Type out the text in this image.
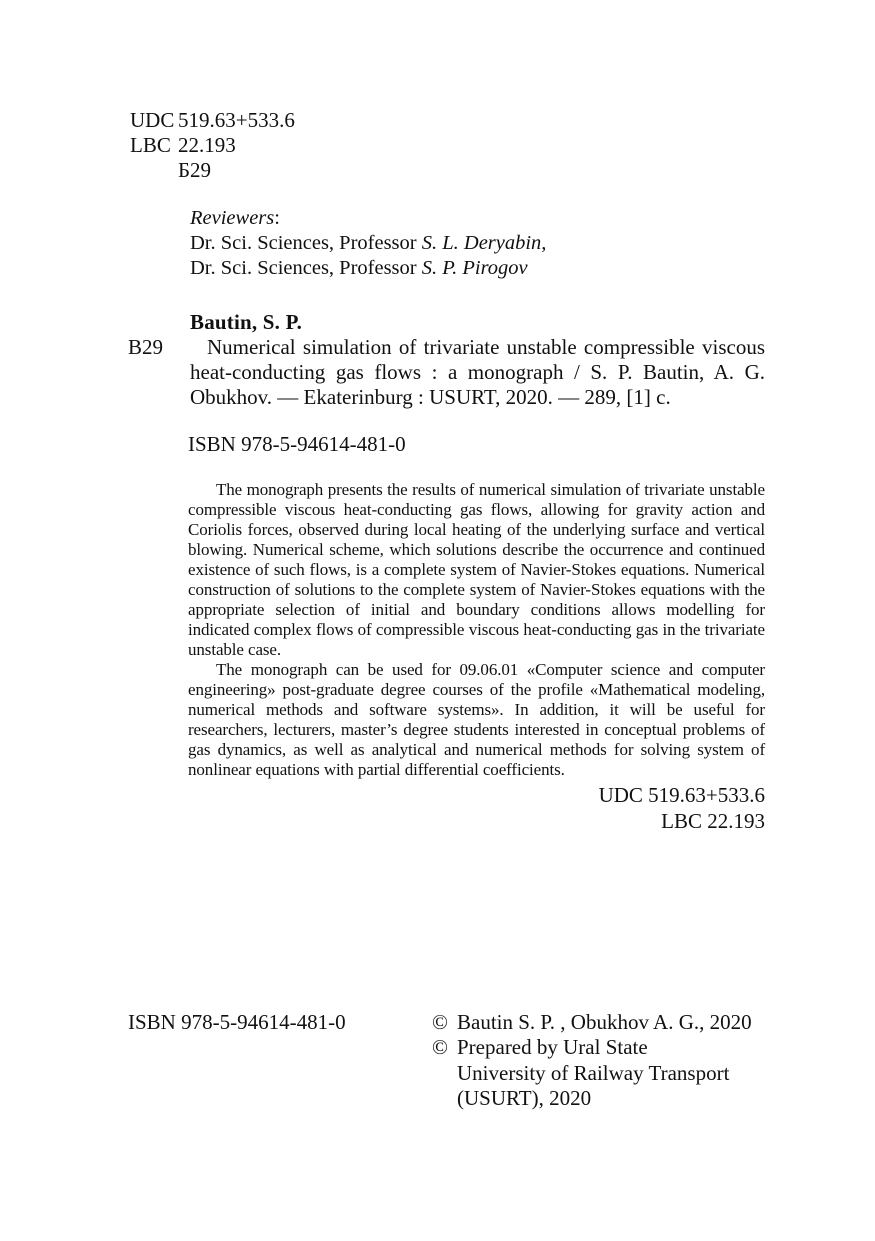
UDC 519.63+533.6
LBC 22.193
Б29
Reviewers:
Dr. Sci. Sciences, Professor S. L. Deryabin,
Dr. Sci. Sciences, Professor S. P. Pirogov
Bautin, S. P.
B29	Numerical simulation of trivariate unstable compressible viscous heat-conducting gas flows : a monograph / S. P. Bautin, A. G. Obukhov. — Ekaterinburg : USURT, 2020. — 289, [1] c.

ISBN 978-5-94614-481-0

The monograph presents the results of numerical simulation of trivariate unstable compressible viscous heat-conducting gas flows, allowing for gravity action and Coriolis forces, observed during local heating of the underlying surface and vertical blowing. Numerical scheme, which solutions describe the occurrence and continued existence of such flows, is a complete system of Navier-Stokes equations. Numerical construction of solutions to the complete system of Navier-Stokes equations with the appropriate selection of initial and boundary conditions allows modelling for indicated complex flows of compressible viscous heat-conducting gas in the trivariate unstable case.

The monograph can be used for 09.06.01 «Computer science and computer engineering» post-graduate degree courses of the profile «Mathematical modeling, numerical methods and software systems». In addition, it will be useful for researchers, lecturers, master’s degree students interested in conceptual problems of gas dynamics, as well as analytical and numerical methods for solving system of nonlinear equations with partial differential coefficients.

UDC 519.63+533.6
LBC 22.193
ISBN 978-5-94614-481-0	© Bautin S. P. , Obukhov A. G., 2020
© Prepared by Ural State
University of Railway Transport
(USURT), 2020
